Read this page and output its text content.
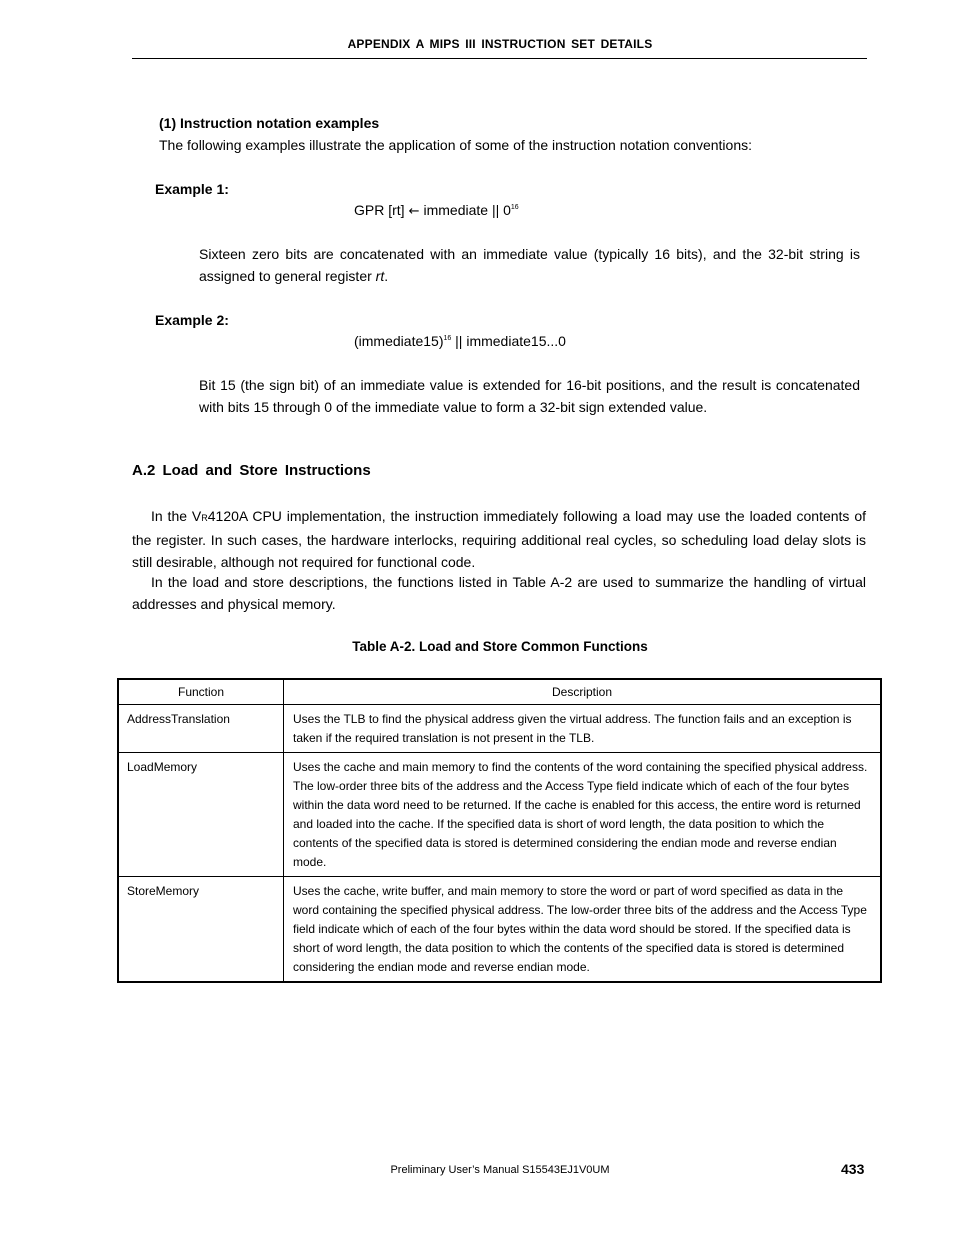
APPENDIX A MIPS III INSTRUCTION SET DETAILS
(1) Instruction notation examples
The following examples illustrate the application of some of the instruction notation conventions:
Example 1:
GPR [rt] ← immediate || $0^{16}$
Sixteen zero bits are concatenated with an immediate value (typically 16 bits), and the 32-bit string is assigned to general register rt.
Example 2:
(immediate15)$^{16}$ || immediate15...0
Bit 15 (the sign bit) of an immediate value is extended for 16-bit positions, and the result is concatenated with bits 15 through 0 of the immediate value to form a 32-bit sign extended value.
A.2 Load and Store Instructions
In the VR4120A CPU implementation, the instruction immediately following a load may use the loaded contents of the register. In such cases, the hardware interlocks, requiring additional real cycles, so scheduling load delay slots is still desirable, although not required for functional code.
In the load and store descriptions, the functions listed in Table A-2 are used to summarize the handling of virtual addresses and physical memory.
Table A-2. Load and Store Common Functions
Function	Description
AddressTranslation	Uses the TLB to find the physical address given the virtual address. The function fails and an exception is taken if the required translation is not present in the TLB.
LoadMemory	Uses the cache and main memory to find the contents of the word containing the specified physical address. The low-order three bits of the address and the Access Type field indicate which of each of the four bytes within the data word need to be returned. If the cache is enabled for this access, the entire word is returned and loaded into the cache. If the specified data is short of word length, the data position to which the contents of the specified data is stored is determined considering the endian mode and reverse endian mode.
StoreMemory	Uses the cache, write buffer, and main memory to store the word or part of word specified as data in the word containing the specified physical address. The low-order three bits of the address and the Access Type field indicate which of each of the four bytes within the data word should be stored. If the specified data is short of word length, the data position to which the contents of the specified data is stored is determined considering the endian mode and reverse endian mode.
Preliminary User’s Manual S15543EJ1V0UM	433
